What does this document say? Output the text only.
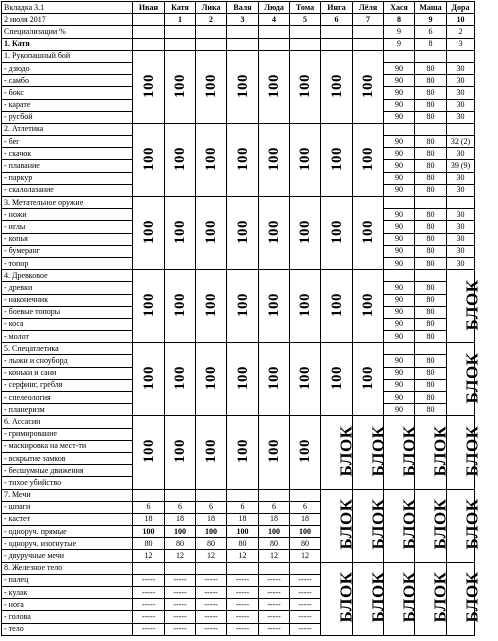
Вкладка 3.1	Иван	Катя	Лика	Валя	Люда	Тома	Инга	Лёля	Хася	Маша	Дора
2 июля 2017		1	2	3	4	5	6	7	8	9	10
Специализации %									9	6	2
1. Катя									9	8	3
1. Рукопашный бой	100	100	100	100	100	100	100	100			
- дзюдо									90	80	30
- самбо									90	80	30
- бокс									90	80	30
- карате									90	80	30
- русбой									90	80	30
2. Атлетика	100	100	100	100	100	100	100	100			
- бег									90	80	32 (2)
- скачок									90	80	30
- плавание									90	80	39 (9)
- паркур									90	80	30
- скалолазание									90	80	30
3. Метательное оружие	100	100	100	100	100	100	100	100			
- ножи									90	80	30
- иглы									90	80	30
- копья									90	80	30
- бумеранг									90	80	30
- топор									90	80	30
4. Древковое	100	100	100	100	100	100	100	100			БЛОК
- древки									90	80	
- наконечник									90	80	
- боевые топоры									90	80	
- коса									90	80	
- молот									90	80	
5. Спецатлетика	100	100	100	100	100	100	100	100			БЛОК
- лыжи и сноуборд									90	80	
- коньки и сани									90	80	
- серфинг, гребля									90	80	
- спелеология									90	80	
- планеризм									90	80	
6. Ассасин	100	100	100	100	100	100	БЛОК	БЛОК	БЛОК	БЛОК	БЛОК
- гримирование											
- маскировка на мест-ти											
- вскрытие замков											
- бесшумные движения											
- тихое убийство											
7. Мечи							БЛОК	БЛОК	БЛОК	БЛОК	БЛОК
- шпаги	6	6	6	6	6	6					
- кастет	18	18	18	18	18	18					
- одноруч. прямые	100	100	100	100	100	100					
- одноруч. изогнутые	80	80	80	80	80	80					
- двуручные мечи	12	12	12	12	12	12					
8. Железное тело							БЛОК	БЛОК	БЛОК	БЛОК	БЛОК
- палец	-----	-----	-----	-----	-----	-----					
- кулак	-----	-----	-----	-----	-----	-----					
- нога	-----	-----	-----	-----	-----	-----					
- голова	-----	-----	-----	-----	-----	-----					
- тело	-----	-----	-----	-----	-----	-----					
